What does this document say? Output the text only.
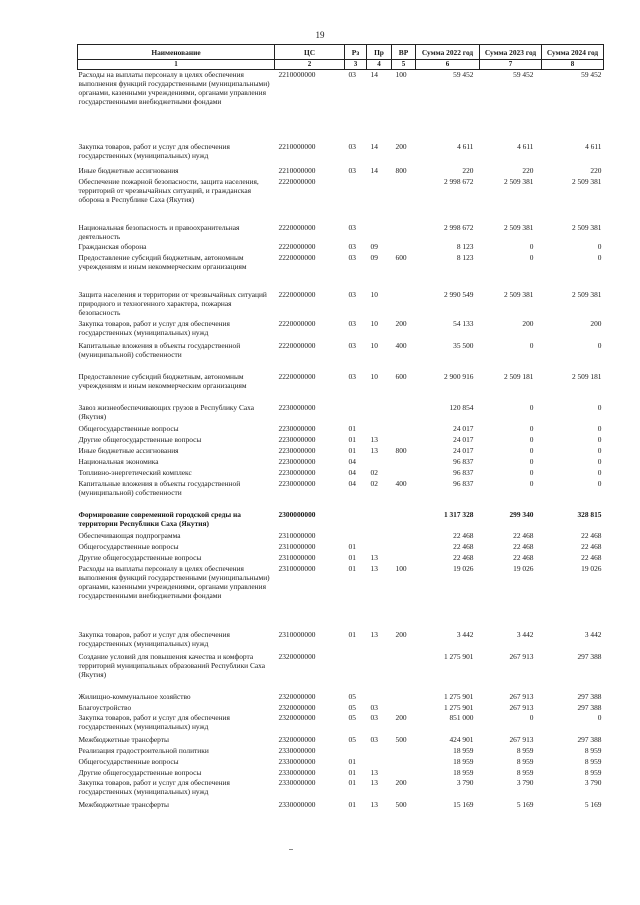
19
Наименование	ЦС	Рз	Пр	ВР	Сумма 2022 год	Сумма 2023 год	Сумма 2024 год
1	2	3	4	5	6	7	8
Расходы на выплаты персоналу в целях обеспечения выполнения функций государственными (муниципальными) органами, казенными учреждениями, органами управления государственными внебюджетными фондами	2210000000	03	14	100	59 452	59 452	59 452
Закупка товаров, работ и услуг для обеспечения государственных (муниципальных) нужд	2210000000	03	14	200	4 611	4 611	4 611
Иные бюджетные ассигнования	2210000000	03	14	800	220	220	220
Обеспечение пожарной безопасности, защита населения, территорий от чрезвычайных ситуаций, и гражданская оборона в Республике Саха (Якутия)	2220000000				2 998 672	2 509 381	2 509 381
Национальная безопасность и правоохранительная деятельность	2220000000	03			2 998 672	2 509 381	2 509 381
Гражданская оборона	2220000000	03	09		8 123	0	0
Предоставление субсидий бюджетным, автономным учреждениям и иным некоммерческим организациям	2220000000	03	09	600	8 123	0	0
Защита населения и территории от чрезвычайных ситуаций природного и техногенного характера, пожарная безопасность	2220000000	03	10		2 990 549	2 509 381	2 509 381
Закупка товаров, работ и услуг для обеспечения государственных (муниципальных) нужд	2220000000	03	10	200	54 133	200	200
Капитальные вложения в объекты государственной (муниципальной) собственности	2220000000	03	10	400	35 500	0	0
Предоставление субсидий бюджетным, автономным учреждениям и иным некоммерческим организациям	2220000000	03	10	600	2 900 916	2 509 181	2 509 181
Завоз жизнеобеспечивающих грузов в Республику Саха (Якутия)	2230000000				120 854	0	0
Общегосударственные вопросы	2230000000	01			24 017	0	0
Другие общегосударственные вопросы	2230000000	01	13		24 017	0	0
Иные бюджетные ассигнования	2230000000	01	13	800	24 017	0	0
Национальная экономика	2230000000	04			96 837	0	0
Топливно-энергетический комплекс	2230000000	04	02		96 837	0	0
Капитальные вложения в объекты государственной (муниципальной) собственности	2230000000	04	02	400	96 837	0	0
Формирование современной городской среды на территории Республики Саха (Якутия)	2300000000				1 317 328	299 340	328 815
Обеспечивающая подпрограмма	2310000000				22 468	22 468	22 468
Общегосударственные вопросы	2310000000	01			22 468	22 468	22 468
Другие общегосударственные вопросы	2310000000	01	13		22 468	22 468	22 468
Расходы на выплаты персоналу в целях обеспечения выполнения функций государственными (муниципальными) органами, казенными учреждениями, органами управления государственными внебюджетными фондами	2310000000	01	13	100	19 026	19 026	19 026
Закупка товаров, работ и услуг для обеспечения государственных (муниципальных) нужд	2310000000	01	13	200	3 442	3 442	3 442
Создание условий для повышения качества и комфорта территорий муниципальных образований Республики Саха (Якутия)	2320000000				1 275 901	267 913	297 388
Жилищно-коммунальное хозяйство	2320000000	05			1 275 901	267 913	297 388
Благоустройство	2320000000	05	03		1 275 901	267 913	297 388
Закупка товаров, работ и услуг для обеспечения государственных (муниципальных) нужд	2320000000	05	03	200	851 000	0	0
Межбюджетные трансферты	2320000000	05	03	500	424 901	267 913	297 388
Реализация градостроительной политики	2330000000				18 959	8 959	8 959
Общегосударственные вопросы	2330000000	01			18 959	8 959	8 959
Другие общегосударственные вопросы	2330000000	01	13		18 959	8 959	8 959
Закупка товаров, работ и услуг для обеспечения государственных (муниципальных) нужд	2330000000	01	13	200	3 790	3 790	3 790
Межбюджетные трансферты	2330000000	01	13	500	15 169	5 169	5 169
